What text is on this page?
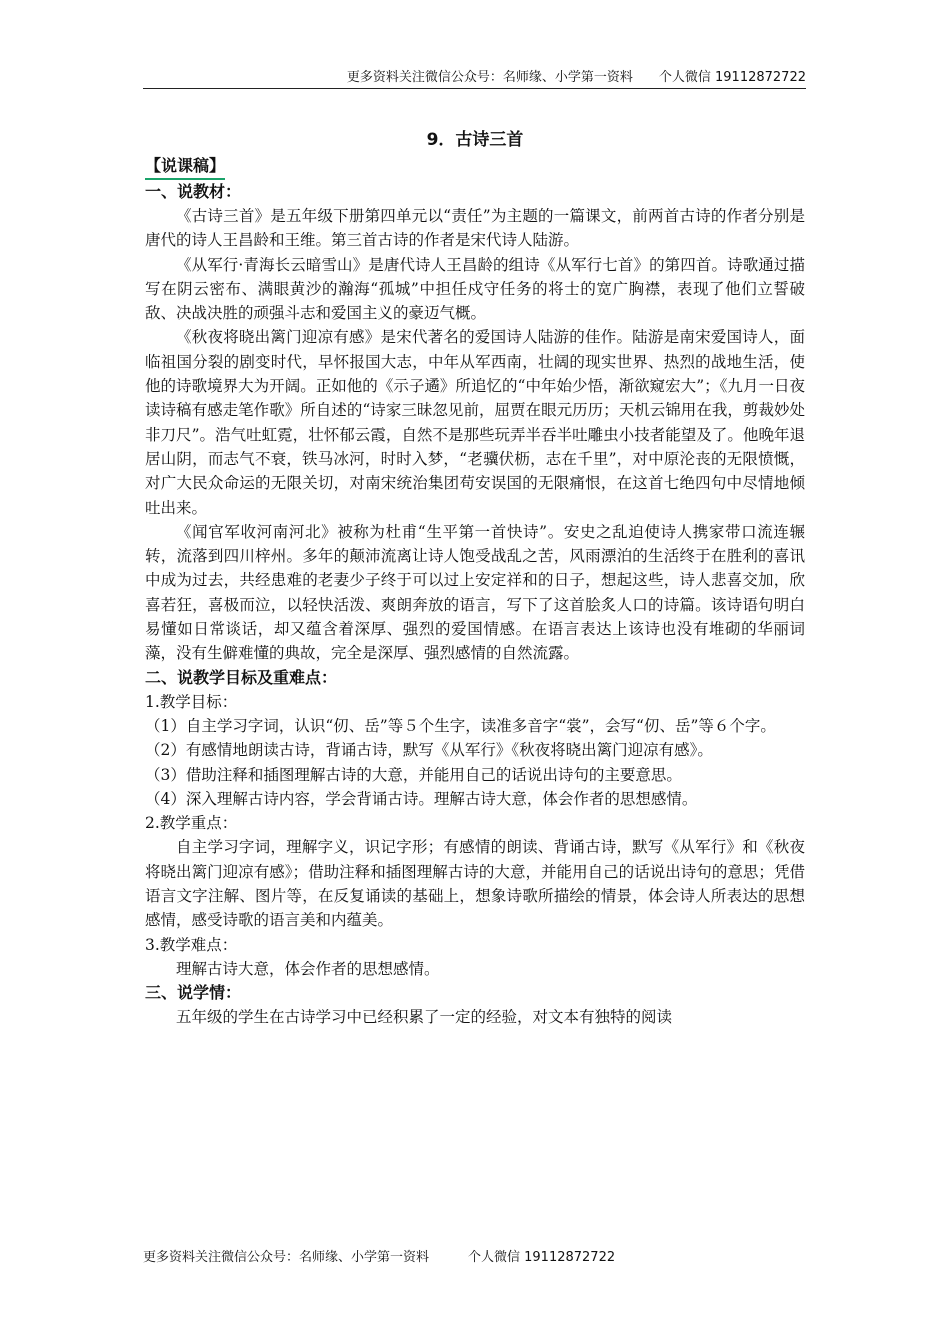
更多资料关注微信公众号：名师缘、小学第一资料　　个人微信 19112872722
9．古诗三首
【说课稿】
一、说教材：

《古诗三首》是五年级下册第四单元以“责任”为主题的一篇课文，前两首古诗的作者分别是唐代的诗人王昌龄和王维。第三首古诗的作者是宋代诗人陆游。

《从军行·青海长云暗雪山》是唐代诗人王昌龄的组诗《从军行七首》的第四首。诗歌通过描写在阴云密布、满眼黄沙的瀚海“孤城”中担任戍守任务的将士的宽广胸襟，表现了他们立誓破敌、决战决胜的顽强斗志和爱国主义的豪迈气概。

《秋夜将晓出篱门迎凉有感》是宋代著名的爱国诗人陆游的佳作。陆游是南宋爱国诗人，面临祖国分裂的剧变时代，早怀报国大志，中年从军西南，壮阔的现实世界、热烈的战地生活，使他的诗歌境界大为开阔。正如他的《示子遹》所追忆的“中年始少悟，渐欲窥宏大”；《九月一日夜读诗稿有感走笔作歌》所自述的“诗家三昧忽见前，屈贾在眼元历历；天机云锦用在我，剪裁妙处非刀尺”。浩气吐虹霓，壮怀郁云霞，自然不是那些玩弄半吞半吐雕虫小技者能望及了。他晚年退居山阴，而志气不衰，铁马冰河，时时入梦，“老骥伏枥，志在千里”，对中原沦丧的无限愤慨，对广大民众命运的无限关切，对南宋统治集团苟安误国的无限痛恨，在这首七绝四句中尽情地倾吐出来。

《闻官军收河南河北》被称为杜甫“生平第一首快诗”。安史之乱迫使诗人携家带口流连辗转，流落到四川梓州。多年的颠沛流离让诗人饱受战乱之苦，风雨漂泊的生活终于在胜利的喜讯中成为过去，共经患难的老妻少子终于可以过上安定祥和的日子，想起这些，诗人悲喜交加，欣喜若狂，喜极而泣，以轻快活泼、爽朗奔放的语言，写下了这首脍炙人口的诗篇。该诗语句明白易懂如日常谈话，却又蕴含着深厚、强烈的爱国情感。在语言表达上该诗也没有堆砌的华丽词藻，没有生僻难懂的典故，完全是深厚、强烈感情的自然流露。

二、说教学目标及重难点：

1.教学目标：

（1）自主学习字词，认识“仞、岳”等５个生字，读准多音字“裳”，会写“仞、岳”等６个字。

（2）有感情地朗读古诗，背诵古诗，默写《从军行》《秋夜将晓出篱门迎凉有感》。

（3）借助注释和插图理解古诗的大意，并能用自己的话说出诗句的主要意思。

（4）深入理解古诗内容，学会背诵古诗。理解古诗大意，体会作者的思想感情。

2.教学重点：

自主学习字词，理解字义，识记字形；有感情的朗读、背诵古诗，默写《从军行》和《秋夜将晓出篱门迎凉有感》；借助注释和插图理解古诗的大意，并能用自己的话说出诗句的意思；凭借语言文字注解、图片等，在反复诵读的基础上，想象诗歌所描绘的情景，体会诗人所表达的思想感情，感受诗歌的语言美和内蕴美。

3.教学难点：

理解古诗大意，体会作者的思想感情。

三、说学情：

五年级的学生在古诗学习中已经积累了一定的经验，对文本有独特的阅读

更多资料关注微信公众号：名师缘、小学第一资料　　　个人微信 19112872722
